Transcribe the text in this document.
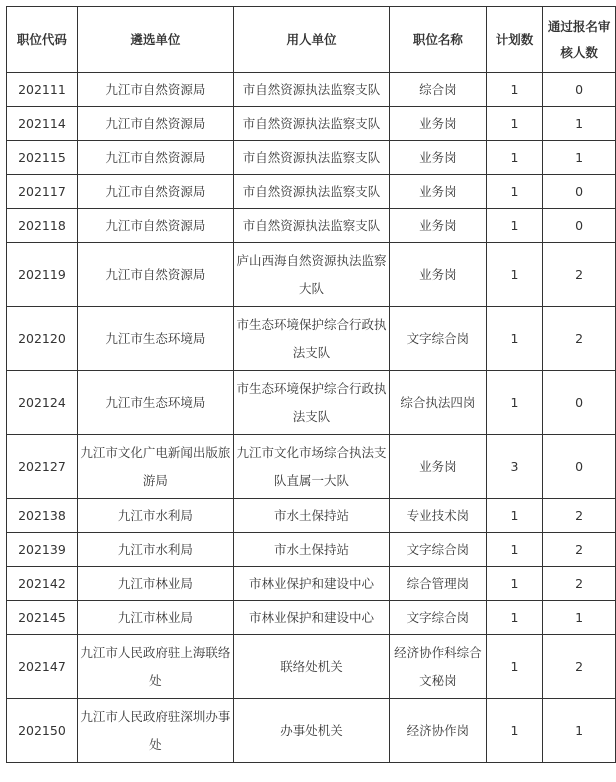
职位代码	遴选单位	用人单位	职位名称	计划数	通过报名审核人数
202111	九江市自然资源局	市自然资源执法监察支队	综合岗	1	0
202114	九江市自然资源局	市自然资源执法监察支队	业务岗	1	1
202115	九江市自然资源局	市自然资源执法监察支队	业务岗	1	1
202117	九江市自然资源局	市自然资源执法监察支队	业务岗	1	0
202118	九江市自然资源局	市自然资源执法监察支队	业务岗	1	0
202119	九江市自然资源局	庐山西海自然资源执法监察大队	业务岗	1	2
202120	九江市生态环境局	市生态环境保护综合行政执法支队	文字综合岗	1	2
202124	九江市生态环境局	市生态环境保护综合行政执法支队	综合执法四岗	1	0
202127	九江市文化广电新闻出版旅游局	九江市文化市场综合执法支队直属一大队	业务岗	3	0
202138	九江市水利局	市水土保持站	专业技术岗	1	2
202139	九江市水利局	市水土保持站	文字综合岗	1	2
202142	九江市林业局	市林业保护和建设中心	综合管理岗	1	2
202145	九江市林业局	市林业保护和建设中心	文字综合岗	1	1
202147	九江市人民政府驻上海联络处	联络处机关	经济协作科综合文秘岗	1	2
202150	九江市人民政府驻深圳办事处	办事处机关	经济协作岗	1	1
